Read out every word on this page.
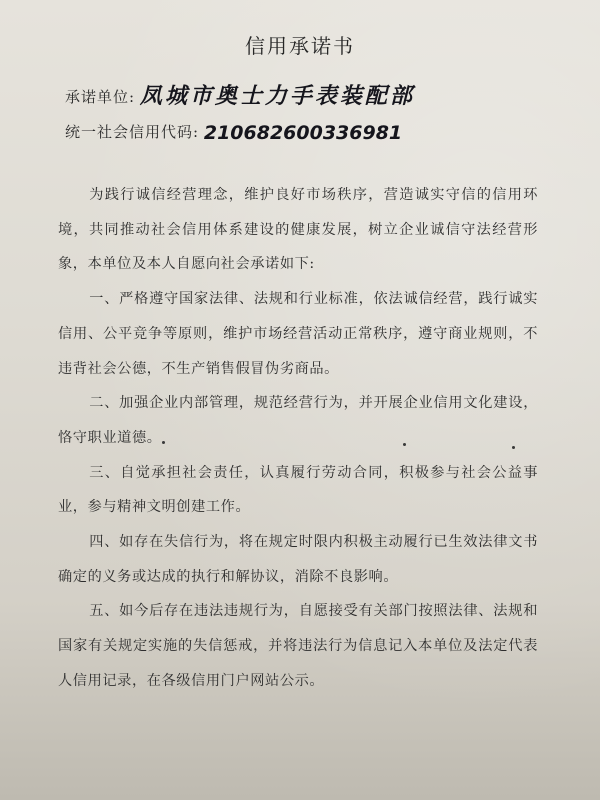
信用承诺书
承诺单位: 凤城市奥士力手表装配部
统一社会信用代码: 210682600336981

为践行诚信经营理念，维护良好市场秩序，营造诚实守信的信用环境，共同推动社会信用体系建设的健康发展，树立企业诚信守法经营形象，本单位及本人自愿向社会承诺如下:

一、严格遵守国家法律、法规和行业标准，依法诚信经营，践行诚实信用、公平竞争等原则，维护市场经营活动正常秩序，遵守商业规则，不违背社会公德，不生产销售假冒伪劣商品。

二、加强企业内部管理，规范经营行为，并开展企业信用文化建设，恪守职业道德。

三、自觉承担社会责任，认真履行劳动合同，积极参与社会公益事业，参与精神文明创建工作。

四、如存在失信行为，将在规定时限内积极主动履行已生效法律文书确定的义务或达成的执行和解协议，消除不良影响。

五、如今后存在违法违规行为，自愿接受有关部门按照法律、法规和国家有关规定实施的失信惩戒，并将违法行为信息记入本单位及法定代表人信用记录，在各级信用门户网站公示。
